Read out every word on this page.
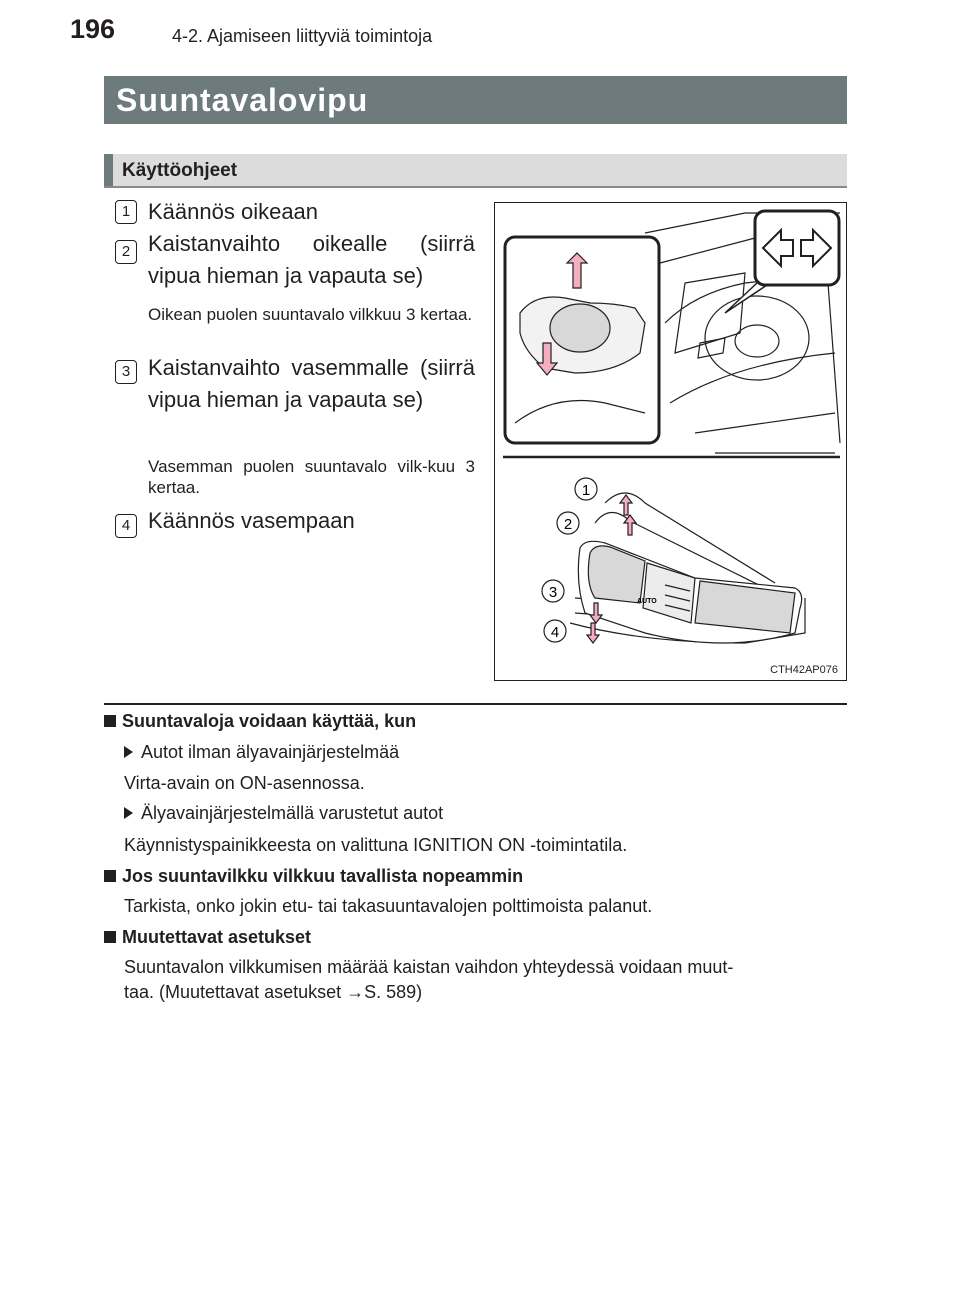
196	4-2. Ajamiseen liittyviä toimintoja
Suuntavalovipu
Käyttöohjeet
1 Käännös oikeaan
2 Kaistanvaihto oikealle (siirrä vipua hieman ja vapauta se)
Oikean puolen suuntavalo vilkkuu 3 kertaa.
3 Kaistanvaihto vasemmalle (siirrä vipua hieman ja vapauta se)
Vasemman puolen suuntavalo vilk-kuu 3 kertaa.
4 Käännös vasempaan
1
2
3
4
AUTO
CTH42AP076
Suuntavaloja voidaan käyttää, kun
Autot ilman älyavainjärjestelmää
Virta-avain on ON-asennossa.
Älyavainjärjestelmällä varustetut autot
Käynnistyspainikkeesta on valittuna IGNITION ON -toimintatila.
Jos suuntavilkku vilkkuu tavallista nopeammin
Tarkista, onko jokin etu- tai takasuuntavalojen polttimoista palanut.
Muutettavat asetukset
Suuntavalon vilkkumisen määrää kaistan vaihdon yhteydessä voidaan muut-
taa. (Muutettavat asetukset →S. 589)
